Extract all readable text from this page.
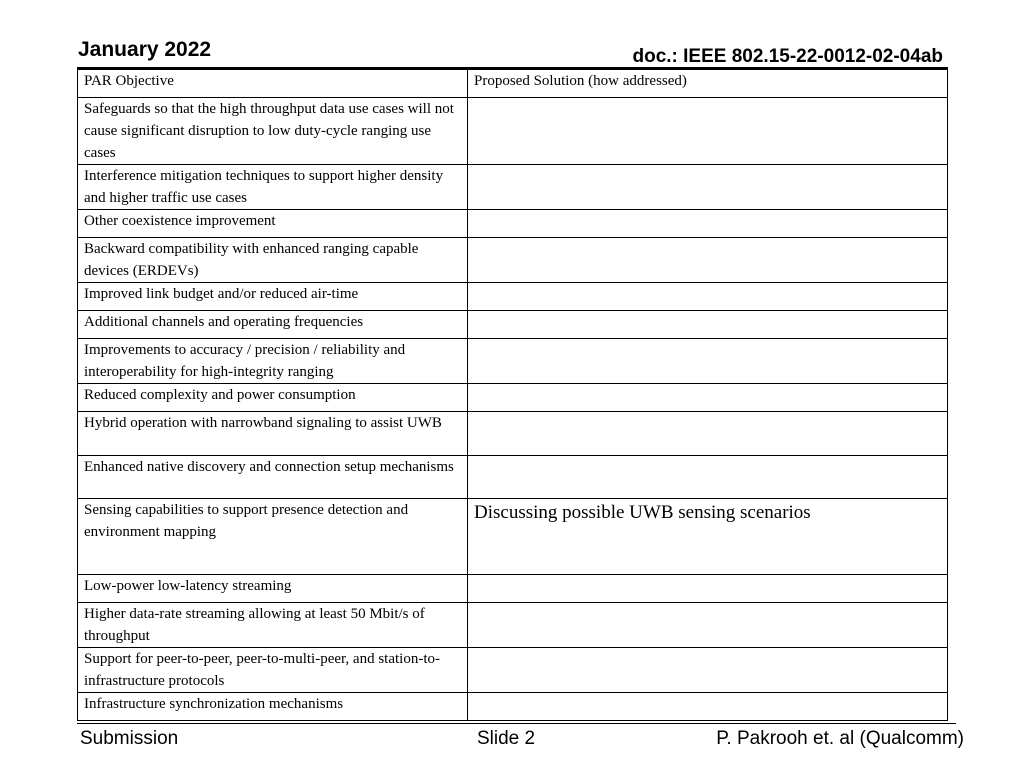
January 2022	doc.: IEEE 802.15-22-0012-02-04ab
PAR Objective	Proposed Solution (how addressed)
Safeguards so that the high throughput data use cases will not cause significant disruption to low duty-cycle ranging use cases	
Interference mitigation techniques to support higher density and higher traffic use cases	
Other coexistence improvement	
Backward compatibility with enhanced ranging capable devices (ERDEVs)	
Improved link budget and/or reduced air-time	
Additional channels and operating frequencies	
Improvements to accuracy / precision / reliability and interoperability for high-integrity ranging	
Reduced complexity and power consumption	
Hybrid operation with narrowband signaling to assist UWB	
Enhanced native discovery and connection setup mechanisms	
Sensing capabilities to support presence detection and environment mapping	Discussing possible UWB sensing scenarios
Low-power low-latency streaming	
Higher data-rate streaming allowing at least 50 Mbit/s of throughput	
Support for peer-to-peer, peer-to-multi-peer, and station-to-infrastructure protocols	
Infrastructure synchronization mechanisms	
Submission	Slide 2	P. Pakrooh et. al (Qualcomm)
